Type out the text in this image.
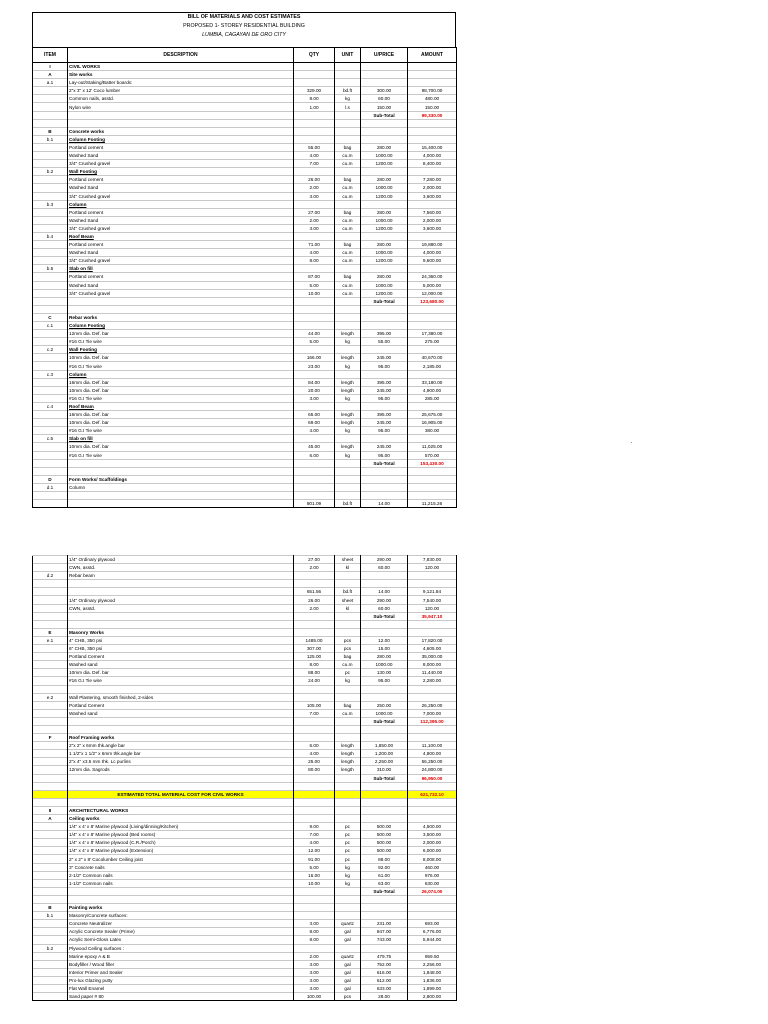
BILL OF MATERIALS AND COST ESTIMATES
PROPOSED 1- STOREY RESIDENTIAL BUILDING
LUMBIA, CAGAYAN DE ORO CITY
ITEM	DESCRIPTION	QTY	UNIT	U/PRICE	AMOUNT
I	CIVIL WORKS				
A	Site works				
a.1	Lay-out/Staking/Batter boards:				
	2"x 3" x 12' Coco lumber	329.00	bd.ft	300.00	98,700.00
	Common nails, asstd.	8.00	kg	60.00	480.00
	Nylon wire	1.00	l.s	150.00	150.00
				Sub-Total	99,330.00

B	Concrete works				
b.1	Column Footing				
	Portland cement	55.00	bag	280.00	15,400.00
	Washed Sand	4.00	cu.m	1000.00	4,000.00
	3/4" Crushed gravel	7.00	cu.m	1200.00	8,400.00
b.2	Wall Footing				
	Portland cement	26.00	bag	280.00	7,280.00
	Washed Sand	2.00	cu.m	1000.00	2,000.00
	3/4" Crushed gravel	3.00	cu.m	1200.00	3,600.00
b.3	Column				
	Portland cement	27.00	bag	280.00	7,560.00
	Washed Sand	2.00	cu.m	1000.00	2,000.00
	3/4" Crushed gravel	3.00	cu.m	1200.00	3,600.00
b.4	Roof Beam				
	Portland cement	71.00	bag	280.00	19,880.00
	Washed Sand	4.00	cu.m	1000.00	4,000.00
	3/4" Crushed gravel	8.00	cu.m	1200.00	9,600.00
b.5	Slab on fill				
	Portland cement	87.00	bag	280.00	24,360.00
	Washed Sand	5.00	cu.m	1000.00	5,000.00
	3/4" Crushed gravel	10.00	cu.m	1200.00	12,000.00
				Sub-Total	123,680.00

C	Rebar works				
c.1	Column Footing				
	12mm dia. Def. bar	44.00	length	395.00	17,380.00
	#16 G.I Tie wire	5.00	kg	55.00	275.00
c.2	Wall Footing				
	10mm dia. Def. bar	166.00	length	245.00	40,670.00
	#16 G.I Tie wire	23.00	kg	95.00	2,185.00
c.3	Column				
	16mm dia. Def. bar	84.00	length	395.00	33,180.00
	10mm dia. Def. bar	20.00	length	245.00	4,900.00
	#16 G.I Tie wire	3.00	kg	95.00	285.00
c.4	Roof Beam				
	16mm dia. Def. bar	65.00	length	395.00	25,675.00
	10mm dia. Def. bar	69.00	length	245.00	16,905.00
	#16 G.I Tie wire	4.00	kg	95.00	380.00
c.5	Slab on fill				
	10mm dia. Def. bar	45.00	length	245.00	11,025.00
	#16 G.I Tie wire	6.00	kg	95.00	570.00
				Sub-Total	153,430.00

D	Form Works/ Scaffoldings				
d.1	Column				

		801.09	bd.ft	14.00	11,215.26
	1/4" Ordinary plywood	27.00	sheet	290.00	7,830.00
	CWN, asstd.	2.00	kl	60.00	120.00
d.2	Rebar beam				

		651.56	bd.ft	14.00	9,121.84
	1/4" Ordinary plywood	26.00	sheet	290.00	7,540.00
	CWN, asstd.	2.00	kl	60.00	120.00
				Sub-Total	35,947.10

E	Masonry Works				
e.1	4" CHB, 350 psi	1485.00	pcs	12.00	17,820.00
	6" CHB, 350 psi	307.00	pcs	15.00	4,605.00
	Portland Cement	125.00	bag	280.00	35,000.00
	Washed sand	8.00	cu.m	1000.00	8,000.00
	10mm dia. Def. bar	88.00	pc	130.00	11,440.00
	#16 G.I Tie wire	24.00	kg	95.00	2,280.00

e.2	Wall Plastering, smooth finished, 2-sides				
	Portland Cement	105.00	bag	250.00	26,250.00
	Washed sand	7.00	cu.m	1000.00	7,000.00
				Sub-Total	112,395.00

F	Roof Framing works				
	2"x 2" x 6mm thk.angle bar	6.00	length	1,850.00	11,100.00
	1 1/2"x 1 1/2" x 6mm thk.angle bar	4.00	length	1,200.00	4,800.00
	2"x 4" x3.5 mm thk. Lc purlins	25.00	length	2,250.00	56,250.00
	12mm dia. Sagrods	80.00	length	310.00	24,800.00
				Sub-Total	96,950.00

	ESTIMATED TOTAL MATERIAL COST FOR CIVIL WORKS				621,732.10

II	ARCHITECTURAL WORKS				
A	Ceiling works				
	1/4" x 4' x 8' Marine plywood (Living/dinning/Kitchen)	9.00	pc	500.00	4,500.00
	1/4" x 4' x 8' Marine plywood (Bed rooms)	7.00	pc	500.00	3,500.00
	1/4" x 4' x 8' Marine plywood (C.R./Porch)	4.00	pc	500.00	2,000.00
	1/4" x 4' x 8' Marine plywood (Extension)	12.00	pc	500.00	6,000.00
	2" x 2" x 8' Cocolumber Ceiling joist	91.00	pc	88.00	8,008.00
	3" Concrete nails	5.00	kg	92.00	460.00
	2-1/2" Common nails	16.00	kg	61.00	976.00
	1-1/2" Common nails	10.00	kg	63.00	630.00
				Sub-Total	26,074.00

B	Painting works				
b.1	Masonry/Concrete surfaces:				
	Concrete Neutralizer	3.00	quartz	231.00	693.00
	Acrylic Concrete Sealer (Prime)	8.00	gal	847.00	6,776.00
	Acrylic Semi-Gloss Latex	8.00	gal	743.00	5,944.00
b.2	Plywood Ceiling surfaces :				
	Marine epoxy A & B	2.00	quartz	479.75	959.50
	Bodyfiller / Wood filler	3.00	gal	752.00	2,256.00
	Interior Primer and Sealer	3.00	gal	616.00	1,848.00
	Pro-lux Glazing putty	3.00	gal	612.00	1,836.00
	Flat Wall Enamel	3.00	gal	633.00	1,899.00
	Sand paper # 80	100.00	pcs	28.00	2,800.00
